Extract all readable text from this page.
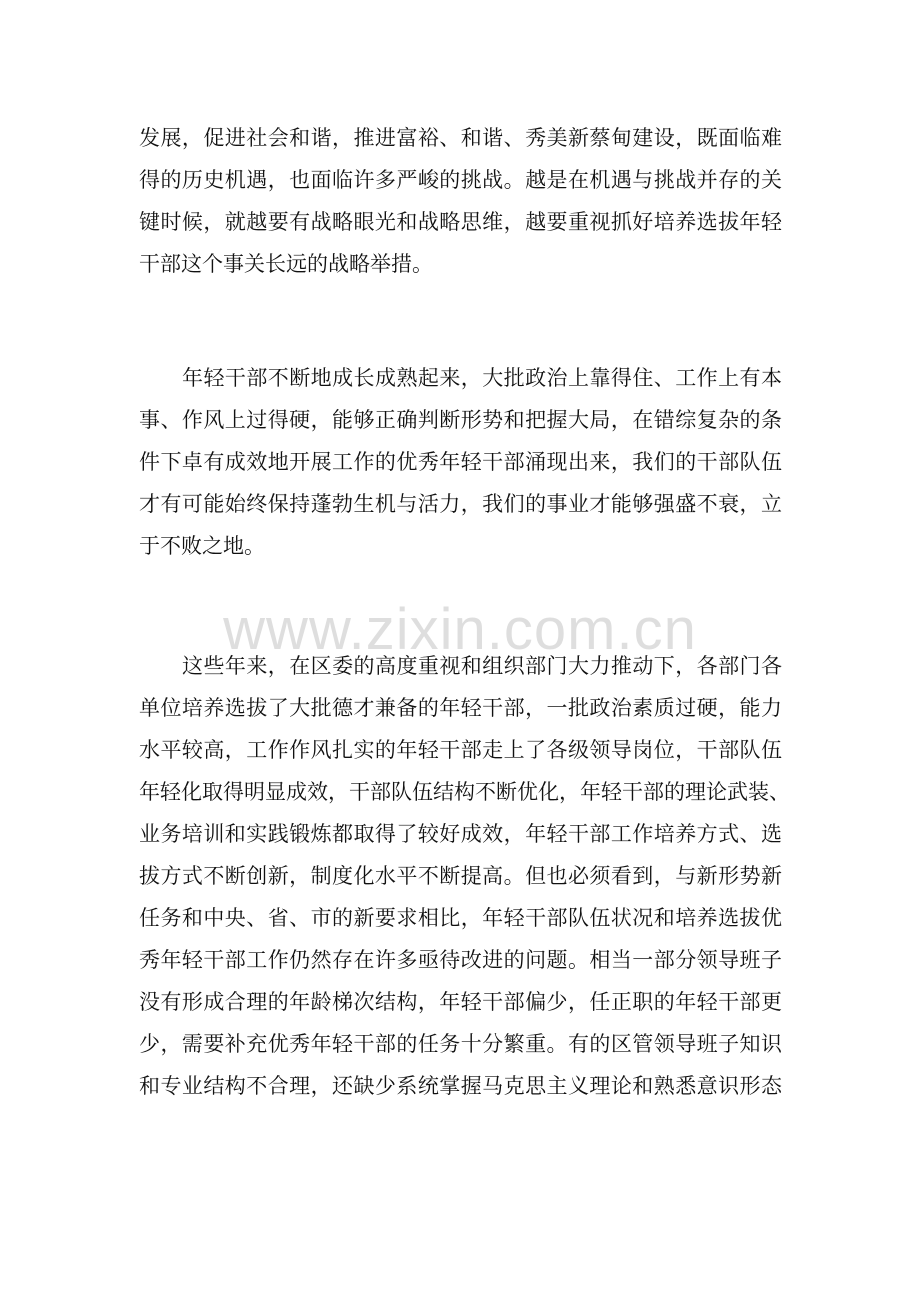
发展，促进社会和谐，推进富裕、和谐、秀美新蔡甸建设，既面临难
得的历史机遇，也面临许多严峻的挑战。越是在机遇与挑战并存的关
键时候，就越要有战略眼光和战略思维，越要重视抓好培养选拔年轻
干部这个事关长远的战略举措。
年轻干部不断地成长成熟起来，大批政治上靠得住、工作上有本
事、作风上过得硬，能够正确判断形势和把握大局，在错综复杂的条
件下卓有成效地开展工作的优秀年轻干部涌现出来，我们的干部队伍
才有可能始终保持蓬勃生机与活力，我们的事业才能够强盛不衰，立
于不败之地。
www.zixin.com.cn
这些年来，在区委的高度重视和组织部门大力推动下，各部门各
单位培养选拔了大批德才兼备的年轻干部，一批政治素质过硬，能力
水平较高，工作作风扎实的年轻干部走上了各级领导岗位，干部队伍
年轻化取得明显成效，干部队伍结构不断优化，年轻干部的理论武装、
业务培训和实践锻炼都取得了较好成效，年轻干部工作培养方式、选
拔方式不断创新，制度化水平不断提高。但也必须看到，与新形势新
任务和中央、省、市的新要求相比，年轻干部队伍状况和培养选拔优
秀年轻干部工作仍然存在许多亟待改进的问题。相当一部分领导班子
没有形成合理的年龄梯次结构，年轻干部偏少，任正职的年轻干部更
少，需要补充优秀年轻干部的任务十分繁重。有的区管领导班子知识
和专业结构不合理，还缺少系统掌握马克思主义理论和熟悉意识形态
